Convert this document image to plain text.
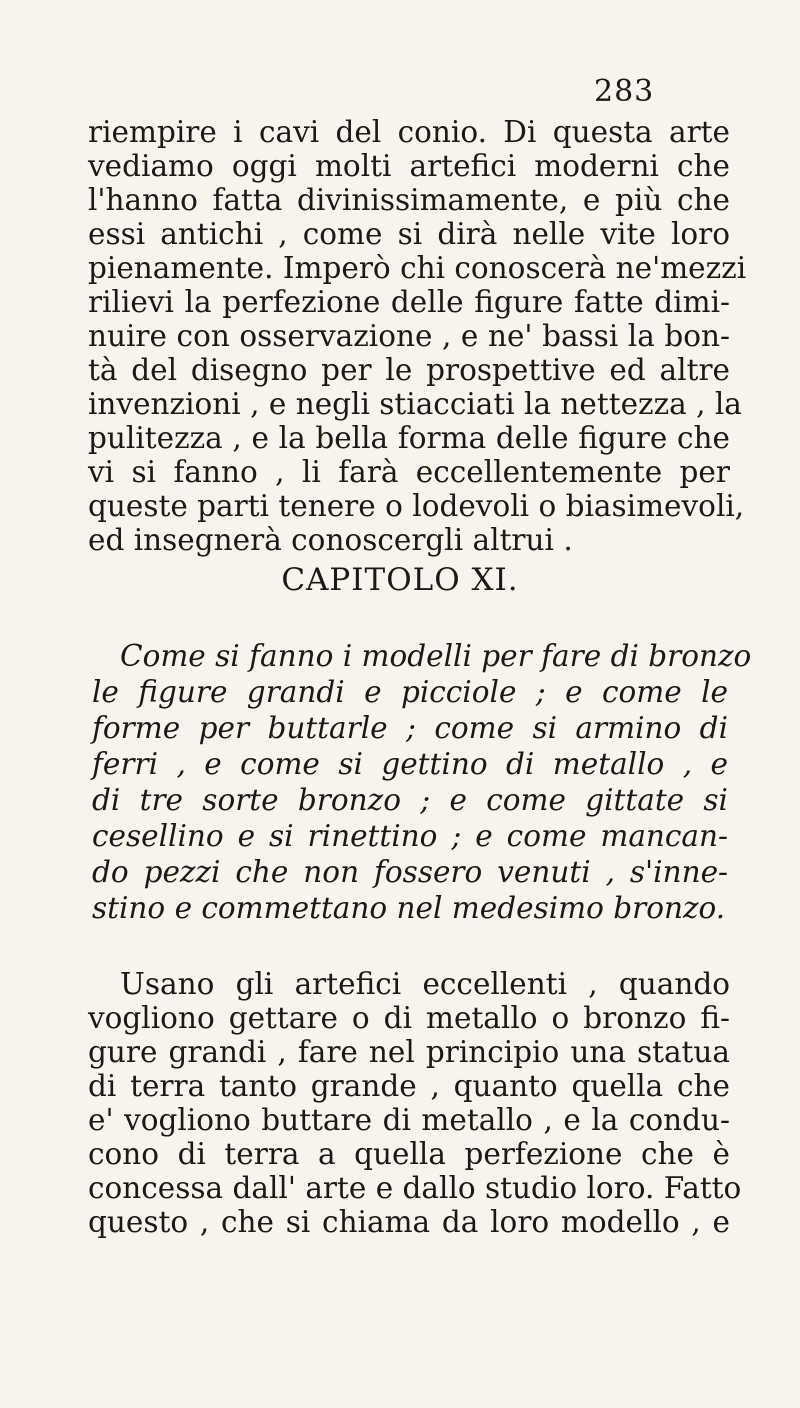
283
riempire i cavi del conio. Di questa arte
vediamo oggi molti artefici moderni che
l'hanno fatta divinissimamente, e più che
essi antichi , come si dirà nelle vite loro
pienamente. Imperò chi conoscerà ne'mezzi
rilievi la perfezione delle figure fatte dimi-
nuire con osservazione , e ne' bassi la bon-
tà del disegno per le prospettive ed altre
invenzioni , e negli stiacciati la nettezza , la
pulitezza , e la bella forma delle figure che
vi si fanno , li farà eccellentemente per
queste parti tenere o lodevoli o biasimevoli,
ed insegnerà conoscergli altrui .
CAPITOLO XI.
Come si fanno i modelli per fare di bronzo
le figure grandi e picciole ; e come le
forme per buttarle ; come si armino di
ferri , e come si gettino di metallo , e
di tre sorte bronzo ; e come gittate si
cesellino e si rinettino ; e come mancan-
do pezzi che non fossero venuti , s'inne-
stino e commettano nel medesimo bronzo.
Usano gli artefici eccellenti , quando
vogliono gettare o di metallo o bronzo fi-
gure grandi , fare nel principio una statua
di terra tanto grande , quanto quella che
e' vogliono buttare di metallo , e la condu-
cono di terra a quella perfezione che è
concessa dall' arte e dallo studio loro. Fatto
questo , che si chiama da loro modello , e
